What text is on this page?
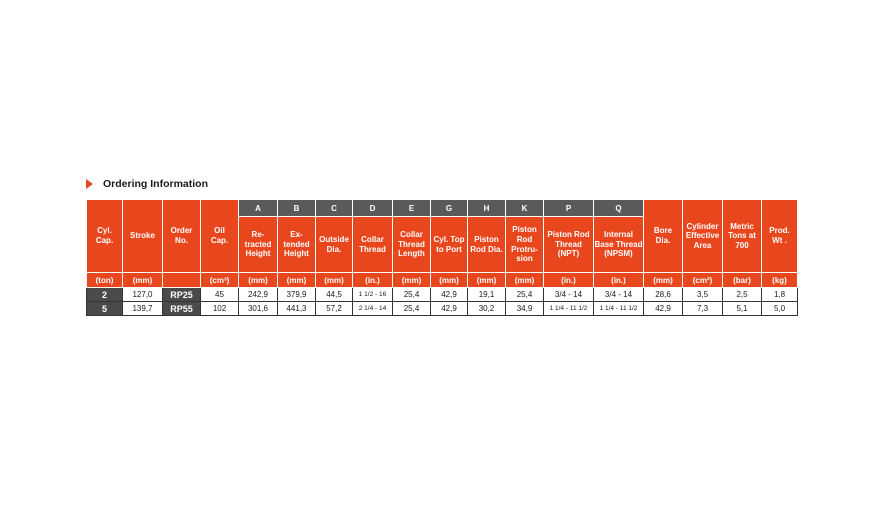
Ordering Information
Cyl. Cap.	Stroke	Order No.	Oil Cap.	A	B	C	D	E	G	H	K	P	Q	Bore Dia.	Cylinder Effective Area	Metric Tons at 700	Prod. Wt .

				Re- tracted Height	Ex- tended Height	Outside Dia.	Collar Thread	Collar Thread Length	Cyl. Top to Port	Piston Rod Dia.	Piston Rod Protru- sion	Piston Rod Thread (NPT)	Internal Base Thread (NPSM)				
(ton)	(mm)		(cm³)	(mm)	(mm)	(mm)	(in.)	(mm)	(mm)	(mm)	(mm)	(in.)	(in.)	(mm)	(cm²)	(bar)	(kg)
2	127,0	RP25	45	242,9	379,9	44,5	1 1/2 - 16	25,4	42,9	19,1	25,4	3/4 - 14	3/4 - 14	28,6	3,5	2,5	1,8
5	139,7	RP55	102	301,6	441,3	57,2	2 1/4 - 14	25,4	42,9	30,2	34,9	1 1/4 - 11 1/2	1 1/4 - 11 1/2	42,9	7,3	5,1	5,0
